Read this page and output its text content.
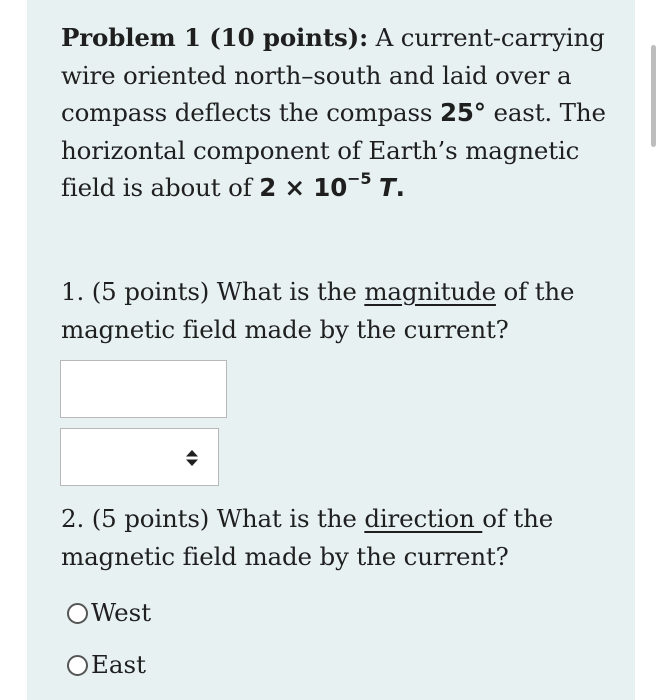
Problem 1 (10 points): A current-carrying wire oriented north–south and laid over a compass deflects the compass 25° east. The horizontal component of Earth’s magnetic field is about of $2 \times 10^{-5}$ T.
1. (5 points) What is the magnitude of the magnetic field made by the current?
2. (5 points) What is the direction of the magnetic field made by the current?
West
East
